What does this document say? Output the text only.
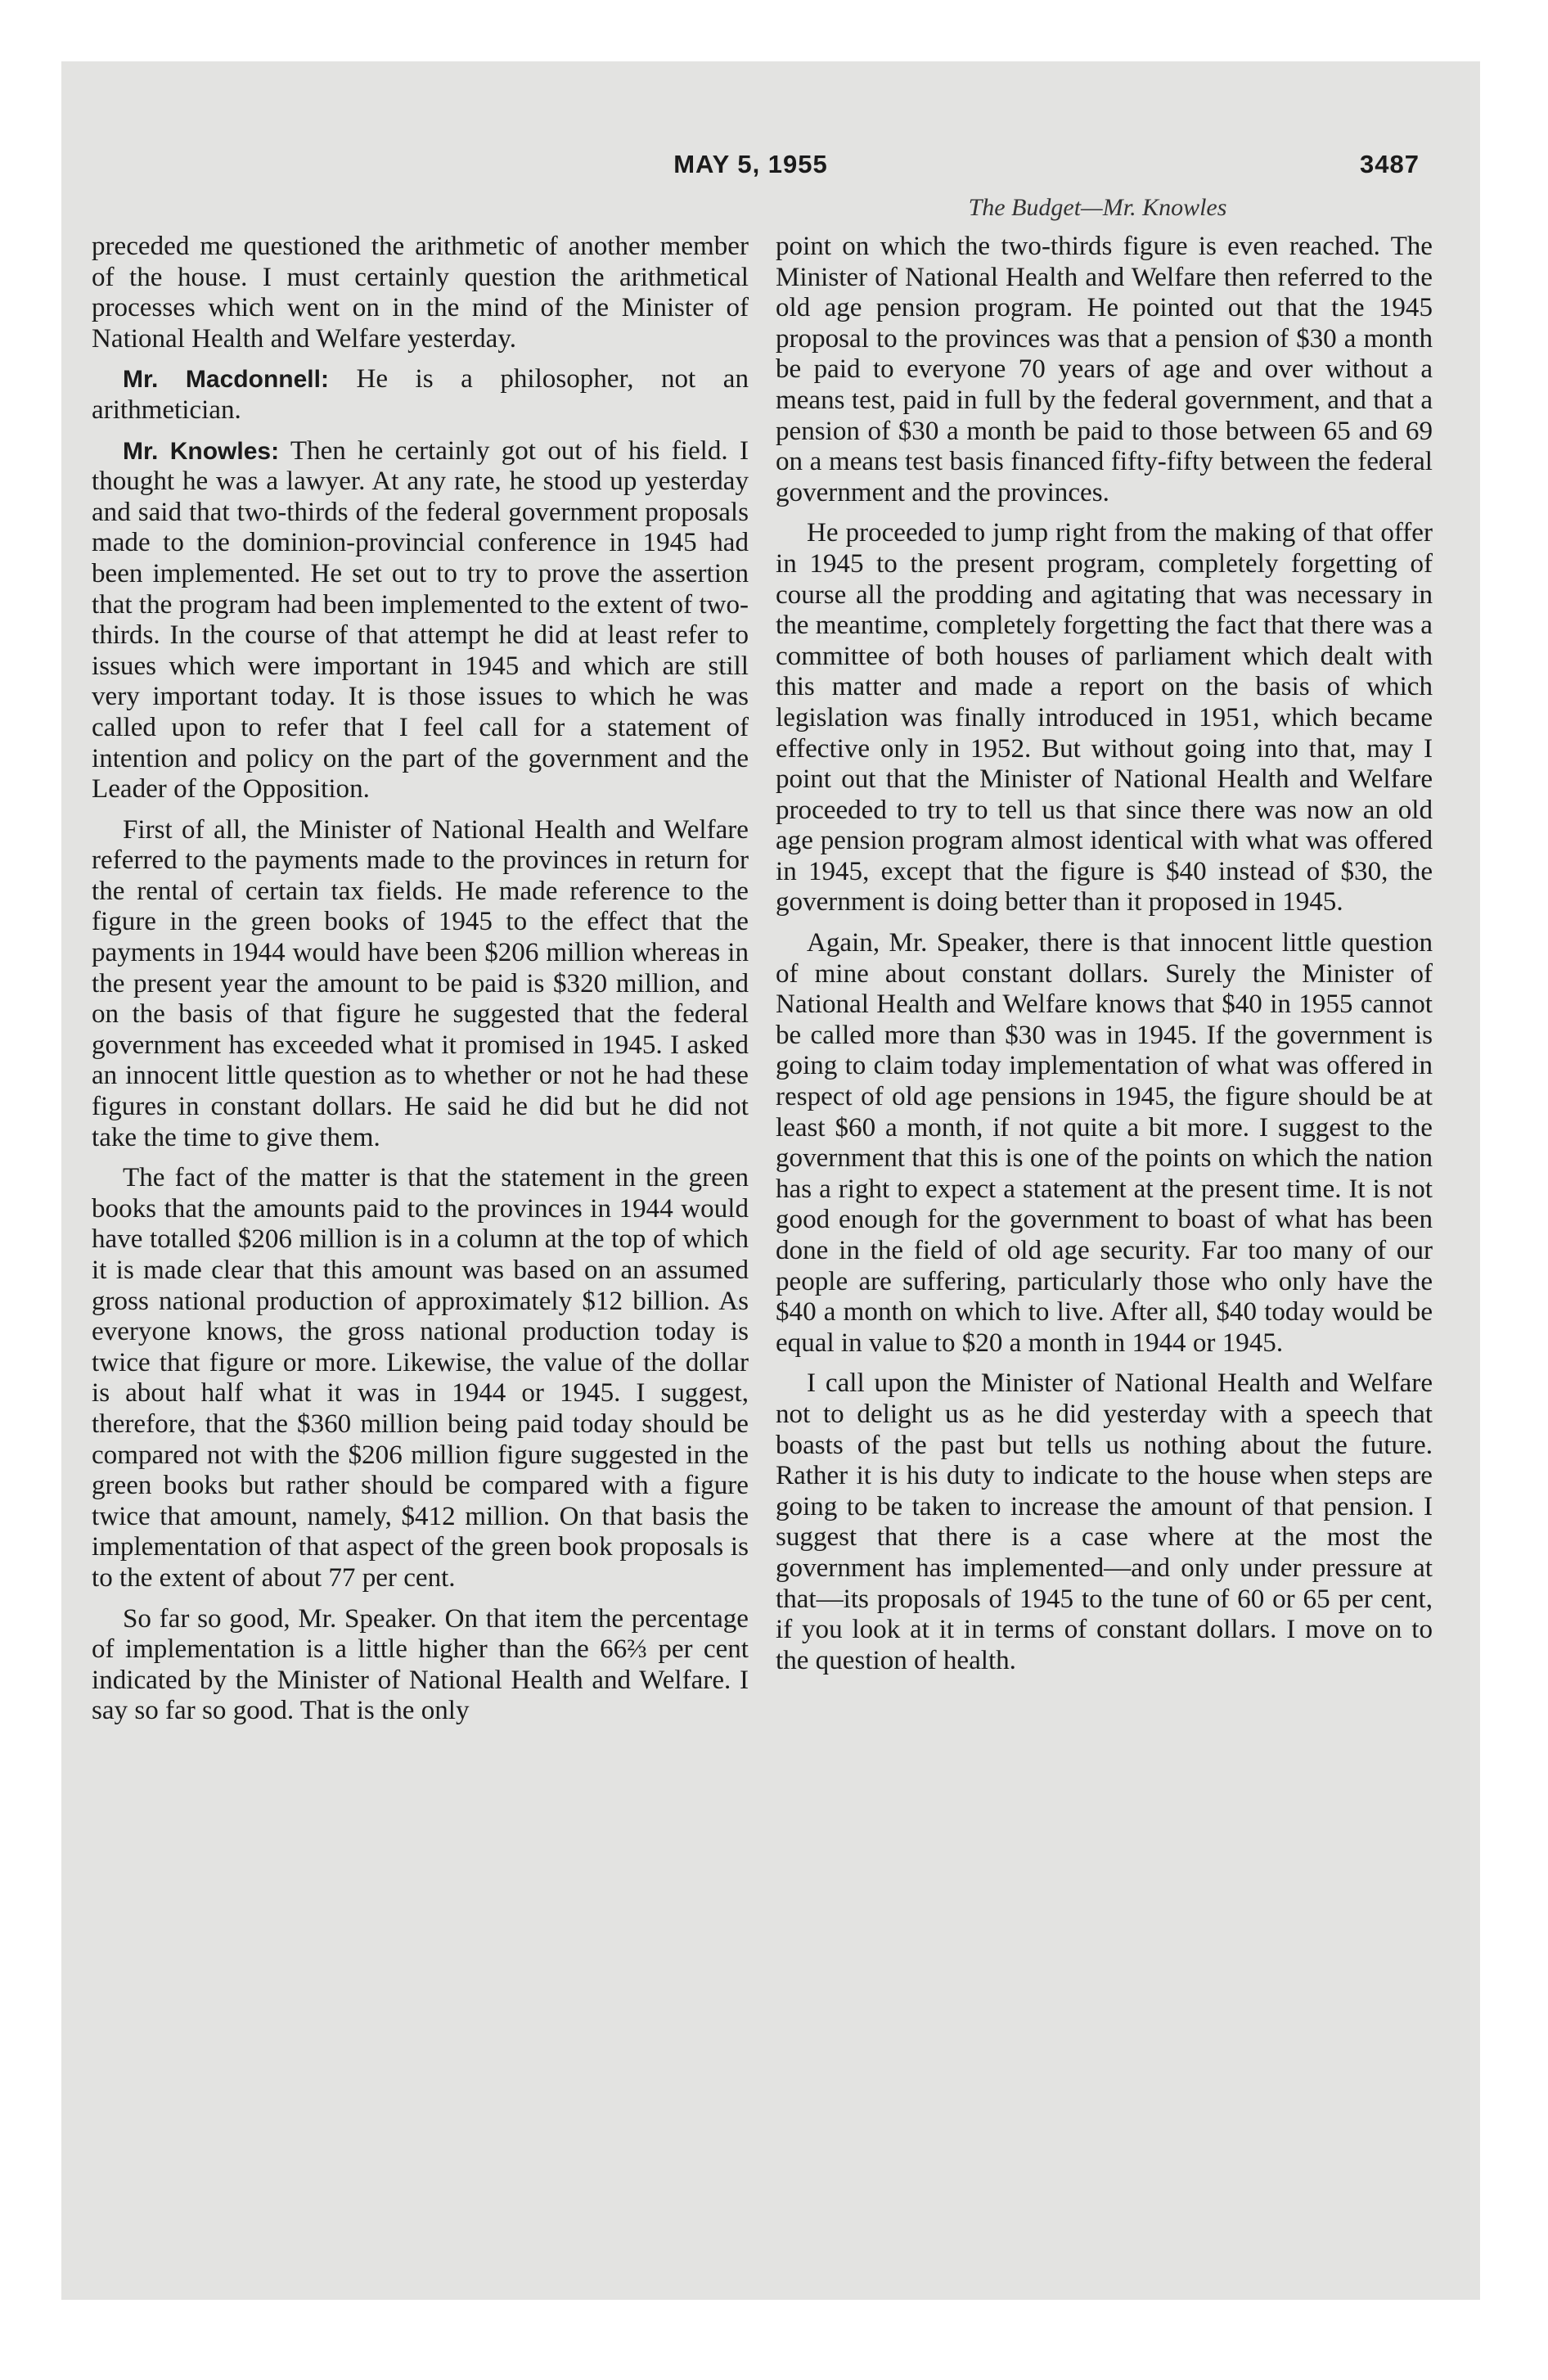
MAY 5, 1955	3487
The Budget—Mr. Knowles

preceded me questioned the arithmetic of another member of the house. I must certainly question the arithmetical processes which went on in the mind of the Minister of National Health and Welfare yesterday.

Mr. Macdonnell: He is a philosopher, not an arithmetician.

Mr. Knowles: Then he certainly got out of his field. I thought he was a lawyer. At any rate, he stood up yesterday and said that two-thirds of the federal government proposals made to the dominion-provincial conference in 1945 had been implemented. He set out to try to prove the assertion that the program had been implemented to the extent of two-thirds. In the course of that attempt he did at least refer to issues which were important in 1945 and which are still very important today. It is those issues to which he was called upon to refer that I feel call for a statement of intention and policy on the part of the government and the Leader of the Opposition.

First of all, the Minister of National Health and Welfare referred to the payments made to the provinces in return for the rental of certain tax fields. He made reference to the figure in the green books of 1945 to the effect that the payments in 1944 would have been $206 million whereas in the present year the amount to be paid is $320 million, and on the basis of that figure he suggested that the federal government has exceeded what it promised in 1945. I asked an innocent little question as to whether or not he had these figures in constant dollars. He said he did but he did not take the time to give them.

The fact of the matter is that the statement in the green books that the amounts paid to the provinces in 1944 would have totalled $206 million is in a column at the top of which it is made clear that this amount was based on an assumed gross national production of approximately $12 billion. As everyone knows, the gross national production today is twice that figure or more. Likewise, the value of the dollar is about half what it was in 1944 or 1945. I suggest, therefore, that the $360 million being paid today should be compared not with the $206 million figure suggested in the green books but rather should be compared with a figure twice that amount, namely, $412 million. On that basis the implementation of that aspect of the green book proposals is to the extent of about 77 per cent.

So far so good, Mr. Speaker. On that item the percentage of implementation is a little higher than the 66⅔ per cent indicated by the Minister of National Health and Welfare. I say so far so good. That is the only

point on which the two-thirds figure is even reached. The Minister of National Health and Welfare then referred to the old age pension program. He pointed out that the 1945 proposal to the provinces was that a pension of $30 a month be paid to everyone 70 years of age and over without a means test, paid in full by the federal government, and that a pension of $30 a month be paid to those between 65 and 69 on a means test basis financed fifty-fifty between the federal government and the provinces.

He proceeded to jump right from the making of that offer in 1945 to the present program, completely forgetting of course all the prodding and agitating that was necessary in the meantime, completely forgetting the fact that there was a committee of both houses of parliament which dealt with this matter and made a report on the basis of which legislation was finally introduced in 1951, which became effective only in 1952. But without going into that, may I point out that the Minister of National Health and Welfare proceeded to try to tell us that since there was now an old age pension program almost identical with what was offered in 1945, except that the figure is $40 instead of $30, the government is doing better than it proposed in 1945.

Again, Mr. Speaker, there is that innocent little question of mine about constant dollars. Surely the Minister of National Health and Welfare knows that $40 in 1955 cannot be called more than $30 was in 1945. If the government is going to claim today implementation of what was offered in respect of old age pensions in 1945, the figure should be at least $60 a month, if not quite a bit more. I suggest to the government that this is one of the points on which the nation has a right to expect a statement at the present time. It is not good enough for the government to boast of what has been done in the field of old age security. Far too many of our people are suffering, particularly those who only have the $40 a month on which to live. After all, $40 today would be equal in value to $20 a month in 1944 or 1945.

I call upon the Minister of National Health and Welfare not to delight us as he did yesterday with a speech that boasts of the past but tells us nothing about the future. Rather it is his duty to indicate to the house when steps are going to be taken to increase the amount of that pension. I suggest that there is a case where at the most the government has implemented—and only under pressure at that—its proposals of 1945 to the tune of 60 or 65 per cent, if you look at it in terms of constant dollars. I move on to the question of health.
